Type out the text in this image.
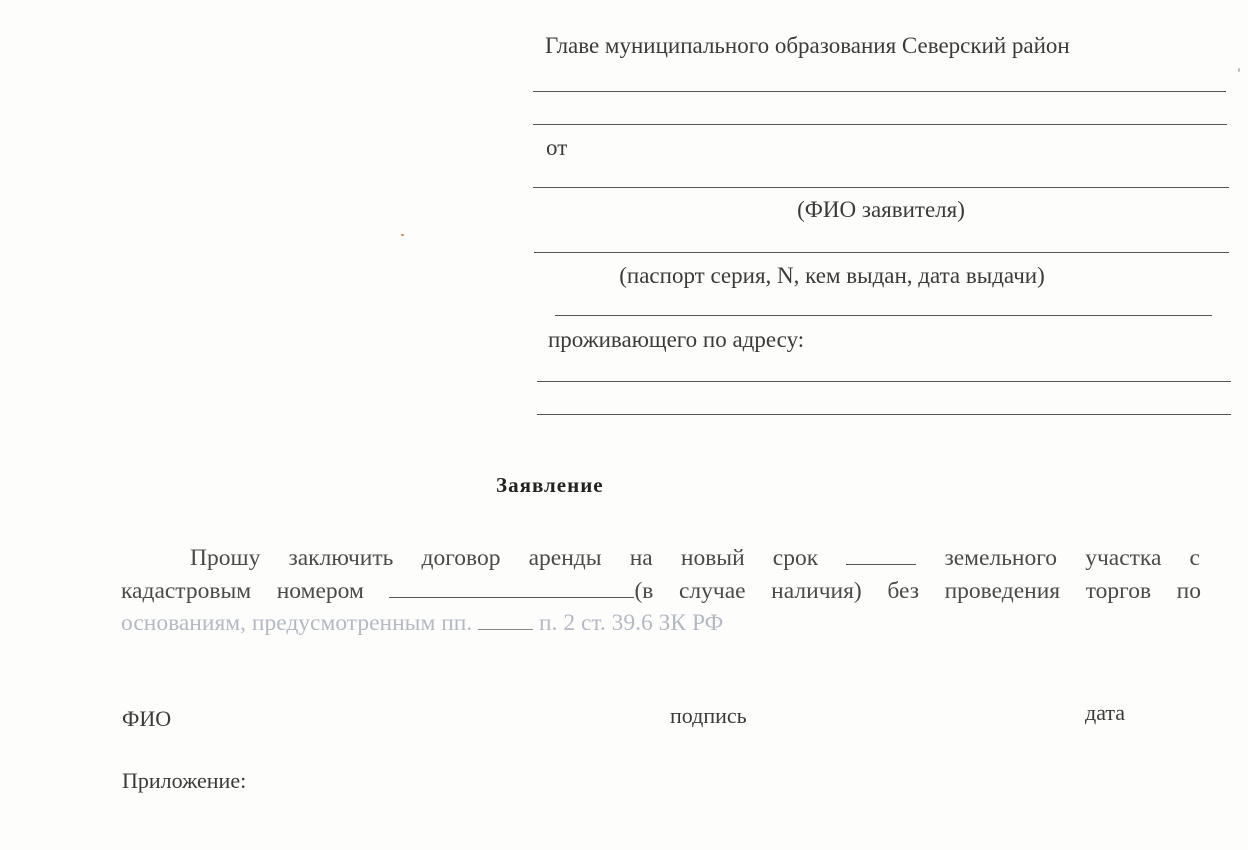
Главе муниципального образования Северский район
от
(ФИО заявителя)
(паспорт серия, N, кем выдан, дата выдачи)
проживающего по адресу:
Заявление
Прошу заключить договор аренды на новый срок	земельного участка с
кадастровым номером	(в случае наличия) без проведения торгов по
основаниям, предусмотренным пп.	п. 2 ст. 39.6 ЗК РФ
ФИО	подпись	дата
Приложение:
